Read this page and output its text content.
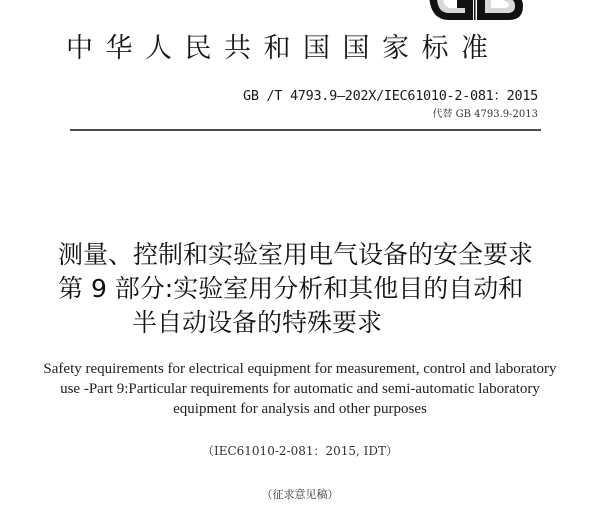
中华人民共和国国家标准
GB /T 4793.9—202X/IEC61010-2-081：2015
代替 GB 4793.9-2013
测量、控制和实验室用电气设备的安全要求
第 9 部分:实验室用分析和其他目的自动和
半自动设备的特殊要求
Safety requirements for electrical equipment for measurement, control and laboratory
use -Part 9:Particular requirements for automatic and semi-automatic laboratory
equipment for analysis and other purposes
（IEC61010-2-081：2015, IDT）
（征求意见稿）
